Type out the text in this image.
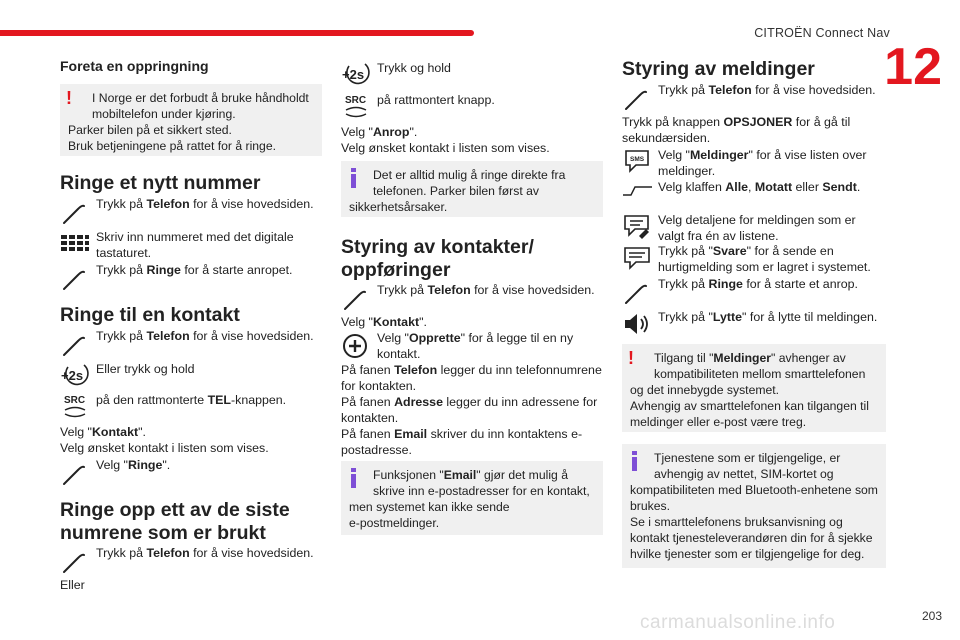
CITROËN Connect Nav
12
203
carmanualsonline.info
Foreta en oppringning
!	I Norge er det forbudt å bruke håndholdt mobiltelefon under kjøring.
Parker bilen på et sikkert sted.
Bruk betjeningene på rattet for å ringe.
Ringe et nytt nummer
Trykk på Telefon for å vise hovedsiden.
Skriv inn nummeret med det digitale tastaturet.
Trykk på Ringe for å starte anropet.
Ringe til en kontakt
Trykk på Telefon for å vise hovedsiden.
+2s Eller trykk og hold
SRC på den rattmonterte TEL-knappen.
Velg "Kontakt".
Velg ønsket kontakt i listen som vises.
Velg "Ringe".
Ringe opp ett av de siste
numrene som er brukt
Trykk på Telefon for å vise hovedsiden.
Eller
+2s Trykk og hold
SRC på rattmontert knapp.
Velg "Anrop".
Velg ønsket kontakt i listen som vises.
Det er alltid mulig å ringe direkte fra telefonen. Parker bilen først av
sikkerhetsårsaker.
Styring av kontakter/
oppføringer
Trykk på Telefon for å vise hovedsiden.
Velg "Kontakt".
Velg "Opprette" for å legge til en ny kontakt.
På fanen Telefon legger du inn telefonnumrene for kontakten.
På fanen Adresse legger du inn adressene for kontakten.
På fanen Email skriver du inn kontaktens e-postadresse.
Funksjonen "Email" gjør det mulig å skrive inn e-postadresser for en kontakt,
men systemet kan ikke sende
e-postmeldinger.
Styring av meldinger
Trykk på Telefon for å vise hovedsiden.
Trykk på knappen OPSJONER for å gå til sekundærsiden.
SMS Velg "Meldinger" for å vise listen over meldinger.
Velg klaffen Alle, Motatt eller Sendt.
Velg detaljene for meldingen som er valgt fra én av listene.
Trykk på "Svare" for å sende en hurtigmelding som er lagret i systemet.
Trykk på Ringe for å starte et anrop.
Trykk på "Lytte" for å lytte til meldingen.
!	Tilgang til "Meldinger" avhenger av kompatibiliteten mellom smarttelefonen
og det innebygde systemet.
Avhengig av smarttelefonen kan tilgangen til meldinger eller e-post være treg.
Tjenestene som er tilgjengelige, er avhengig av nettet, SIM-kortet og
kompatibiliteten med Bluetooth-enhetene som brukes.
Se i smarttelefonens bruksanvisning og kontakt tjenesteleverandøren din for å sjekke hvilke tjenester som er tilgjengelige for deg.
